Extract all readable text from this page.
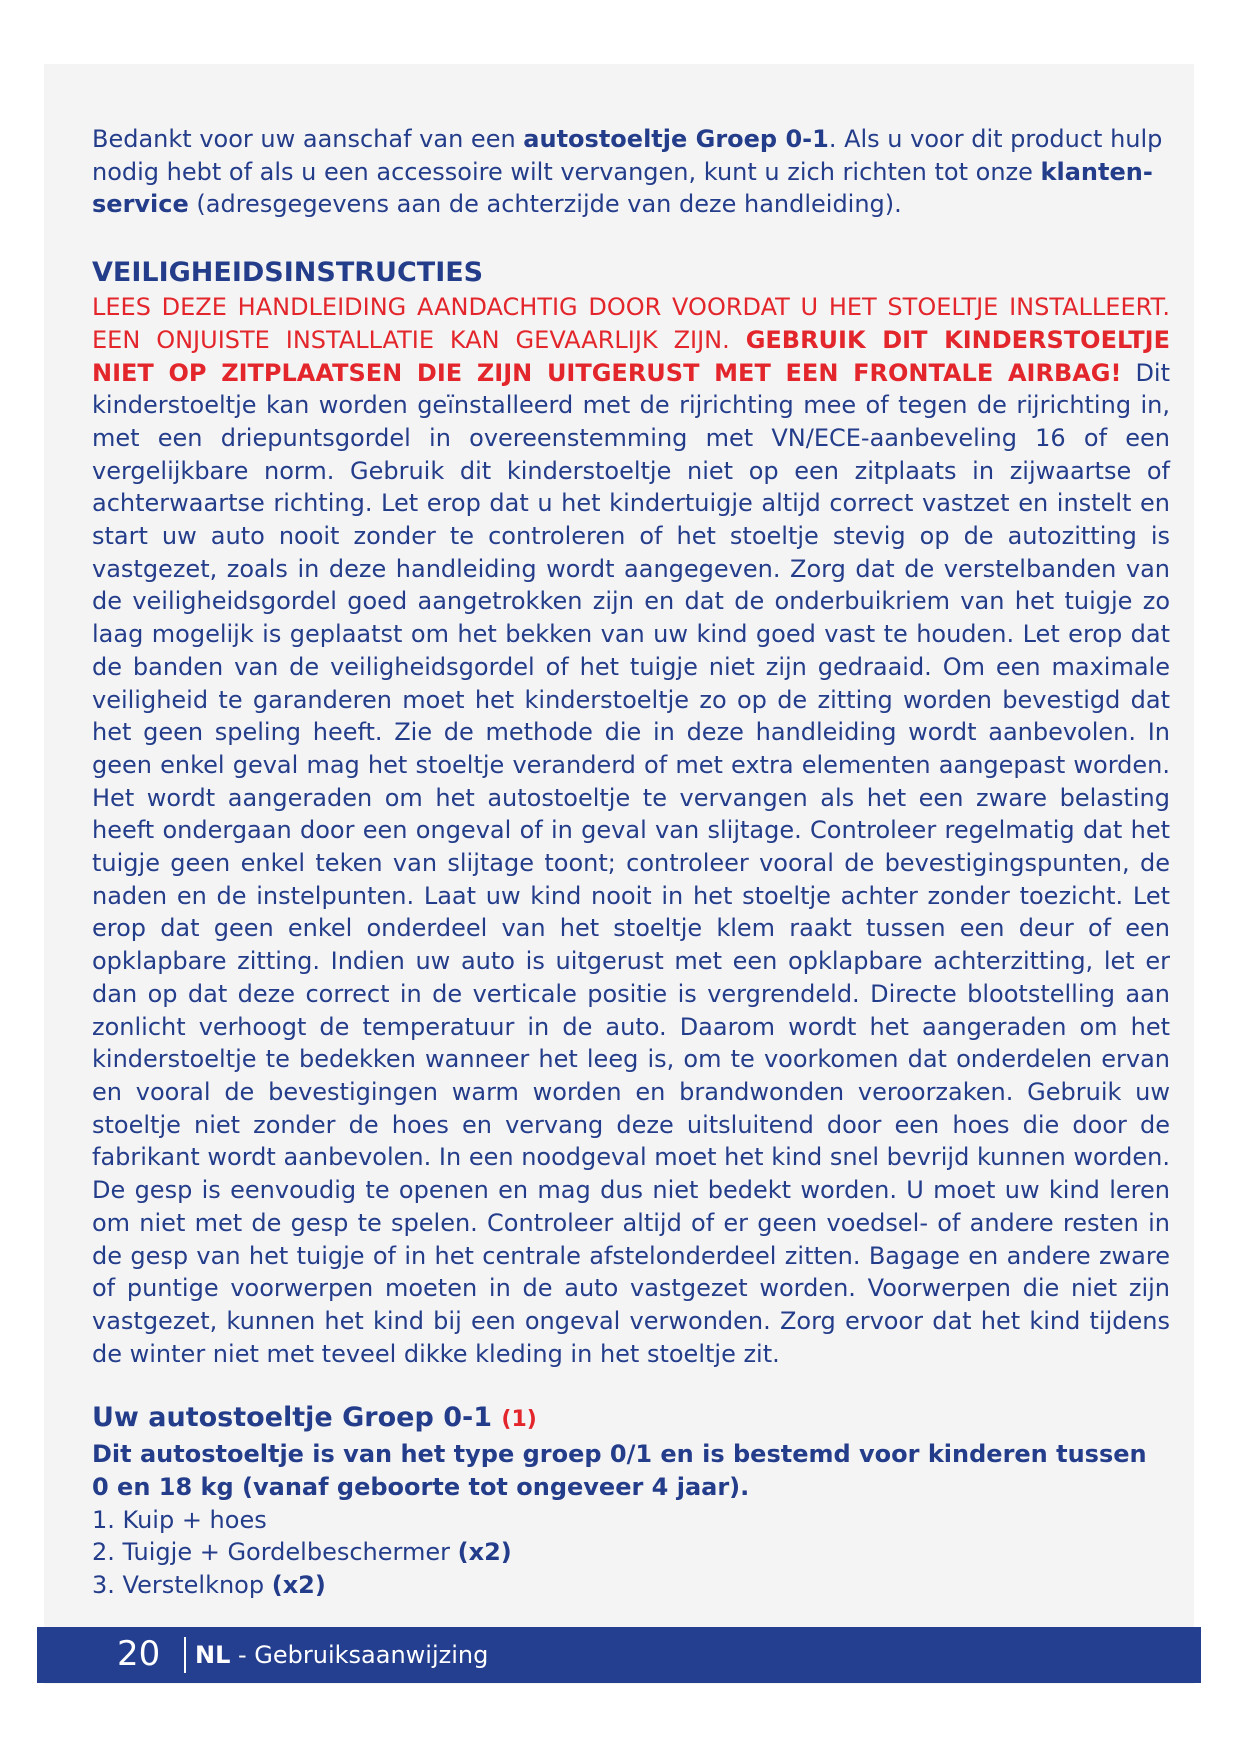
Bedankt voor uw aanschaf van een autostoeltje Groep 0-1. Als u voor dit product hulp nodig hebt of als u een accessoire wilt vervangen, kunt u zich richten tot onze klantenservice (adresgegevens aan de achterzijde van deze handleiding).

VEILIGHEIDSINSTRUCTIES

LEES DEZE HANDLEIDING AANDACHTIG DOOR VOORDAT U HET STOELTJE INSTALLEERT. EEN ONJUISTE INSTALLATIE KAN GEVAARLIJK ZIJN. GEBRUIK DIT KINDERSTOELTJE NIET OP ZITPLAATSEN DIE ZIJN UITGERUST MET EEN FRONTALE AIRBAG! Dit kinderstoeltje kan worden geïnstalleerd met de rijrichting mee of tegen de rijrichting in, met een driepuntsgordel in overeenstemming met VN/ECE-aanbeveling 16 of een vergelijkbare norm. Gebruik dit kinderstoeltje niet op een zitplaats in zijwaartse of achterwaartse richting. Let erop dat u het kindertuigje altijd correct vastzet en instelt en start uw auto nooit zonder te controleren of het stoeltje stevig op de autozitting is vastgezet, zoals in deze handleiding wordt aangegeven. Zorg dat de verstelbanden van de veiligheidsgordel goed aangetrokken zijn en dat de onderbuikriem van het tuigje zo laag mogelijk is geplaatst om het bekken van uw kind goed vast te houden. Let erop dat de banden van de veiligheidsgordel of het tuigje niet zijn gedraaid. Om een maximale veiligheid te garanderen moet het kinderstoeltje zo op de zitting worden bevestigd dat het geen speling heeft. Zie de methode die in deze handleiding wordt aanbevolen. In geen enkel geval mag het stoeltje veranderd of met extra elementen aangepast worden. Het wordt aangeraden om het autostoeltje te vervangen als het een zware belasting heeft ondergaan door een ongeval of in geval van slijtage. Controleer regelmatig dat het tuigje geen enkel teken van slijtage toont; controleer vooral de bevestigingspunten, de naden en de instelpunten. Laat uw kind nooit in het stoeltje achter zonder toezicht. Let erop dat geen enkel onderdeel van het stoeltje klem raakt tussen een deur of een opklapbare zitting. Indien uw auto is uitgerust met een opklapbare achterzitting, let er dan op dat deze correct in de verticale positie is vergrendeld. Directe blootstelling aan zonlicht verhoogt de temperatuur in de auto. Daarom wordt het aangeraden om het kinderstoeltje te bedekken wanneer het leeg is, om te voorkomen dat onderdelen ervan en vooral de bevestigingen warm worden en brandwonden veroorzaken. Gebruik uw stoeltje niet zonder de hoes en vervang deze uitsluitend door een hoes die door de fabrikant wordt aanbevolen. In een noodgeval moet het kind snel bevrijd kunnen worden. De gesp is eenvoudig te openen en mag dus niet bedekt worden. U moet uw kind leren om niet met de gesp te spelen. Controleer altijd of er geen voedsel- of andere resten in de gesp van het tuigje of in het centrale afstelonderdeel zitten. Bagage en andere zware of puntige voorwerpen moeten in de auto vastgezet worden. Voorwerpen die niet zijn vastgezet, kunnen het kind bij een ongeval verwonden. Zorg ervoor dat het kind tijdens de winter niet met teveel dikke kleding in het stoeltje zit.

Uw autostoeltje Groep 0-1 (1)

Dit autostoeltje is van het type groep 0/1 en is bestemd voor kinderen tussen 0 en 18 kg (vanaf geboorte tot ongeveer 4 jaar).

1. Kuip + hoes
2. Tuigje + Gordelbeschermer (x2)
3. Verstelknop (x2)
20 NL - Gebruiksaanwijzing
